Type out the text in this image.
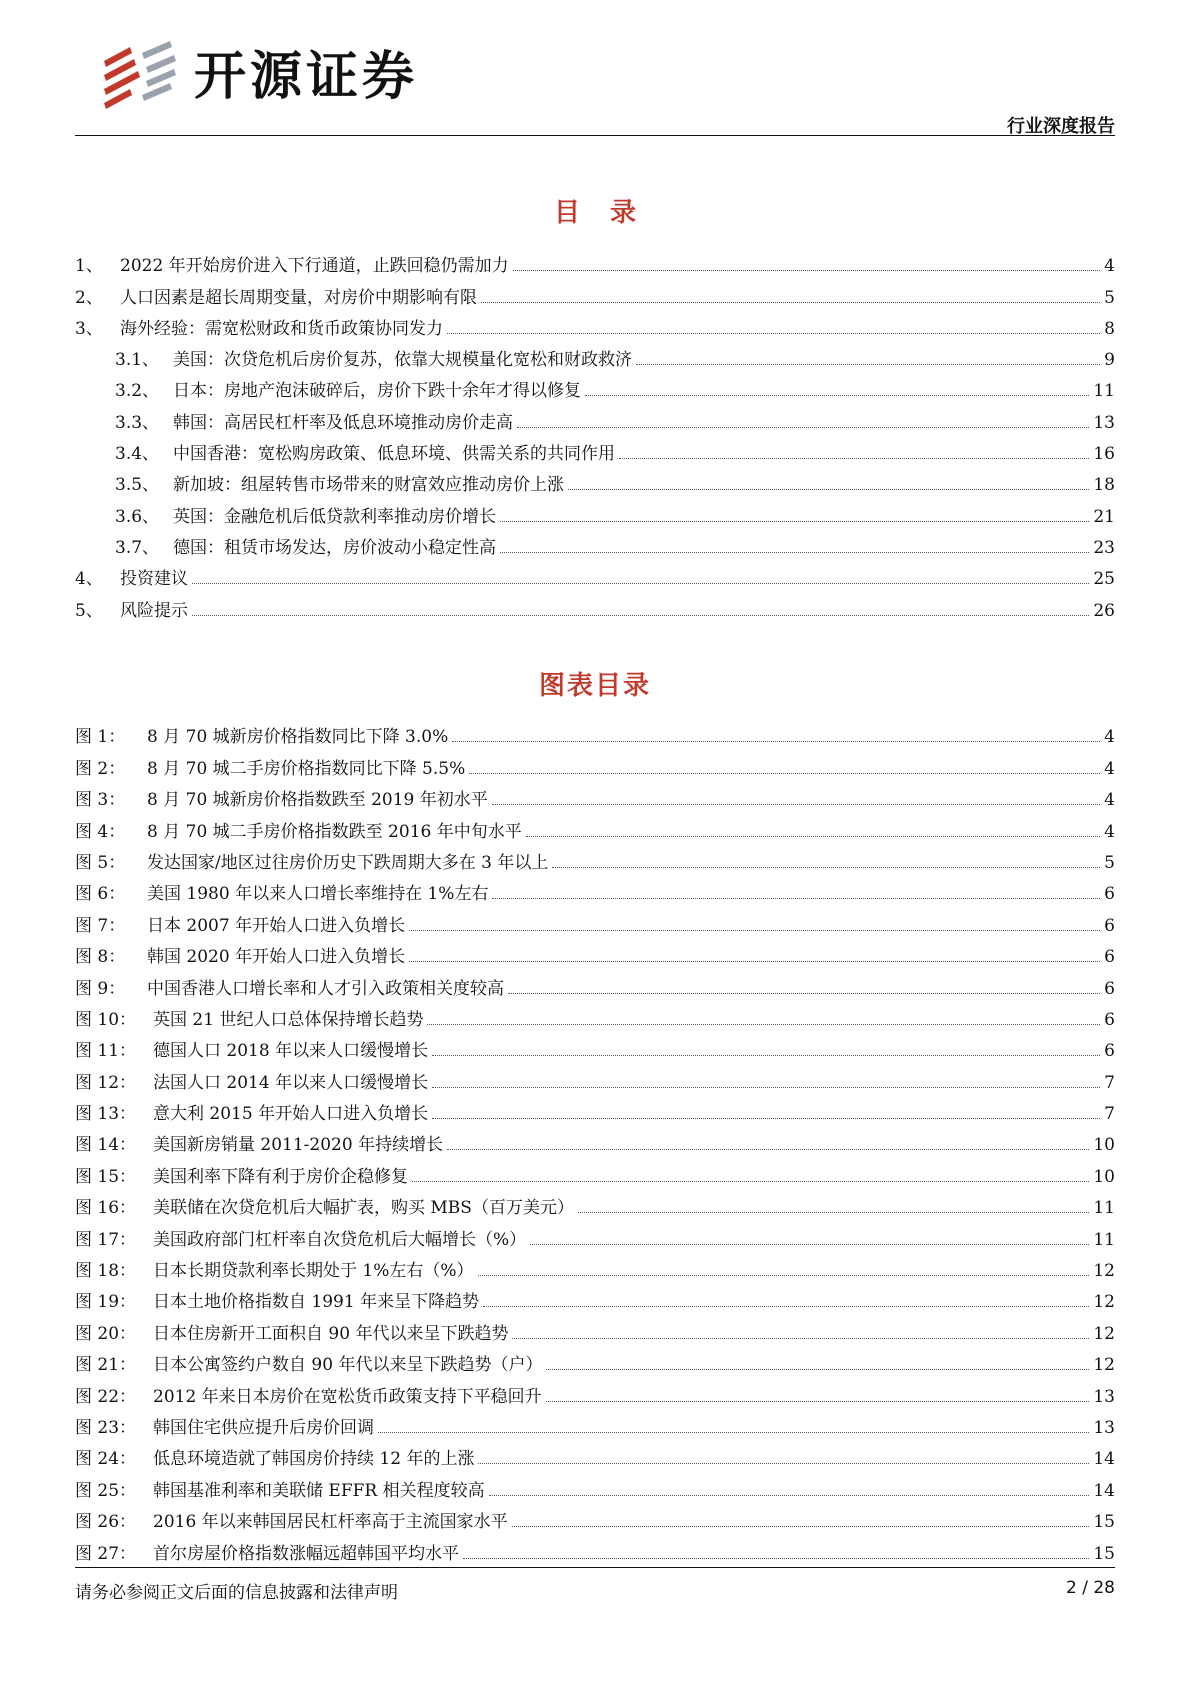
开源证券
行业深度报告
目录
1、	2022 年开始房价进入下行通道，止跌回稳仍需加力	4
2、	人口因素是超长周期变量，对房价中期影响有限	5
3、	海外经验：需宽松财政和货币政策协同发力	8
3.1、 美国：次贷危机后房价复苏，依靠大规模量化宽松和财政救济	9
3.2、 日本：房地产泡沫破碎后，房价下跌十余年才得以修复	11
3.3、 韩国：高居民杠杆率及低息环境推动房价走高	13
3.4、 中国香港：宽松购房政策、低息环境、供需关系的共同作用	16
3.5、 新加坡：组屋转售市场带来的财富效应推动房价上涨	18
3.6、 英国：金融危机后低贷款利率推动房价增长	21
3.7、 德国：租赁市场发达，房价波动小稳定性高	23
4、	投资建议	25
5、	风险提示	26
图表目录
图 1：	8 月 70 城新房价格指数同比下降 3.0%	4
图 2：	8 月 70 城二手房价格指数同比下降 5.5%	4
图 3：	8 月 70 城新房价格指数跌至 2019 年初水平	4
图 4：	8 月 70 城二手房价格指数跌至 2016 年中旬水平	4
图 5：	发达国家/地区过往房价历史下跌周期大多在 3 年以上	5
图 6：	美国 1980 年以来人口增长率维持在 1%左右	6
图 7：	日本 2007 年开始人口进入负增长	6
图 8：	韩国 2020 年开始人口进入负增长	6
图 9：	中国香港人口增长率和人才引入政策相关度较高	6
图 10： 英国 21 世纪人口总体保持增长趋势	6
图 11： 德国人口 2018 年以来人口缓慢增长	6
图 12： 法国人口 2014 年以来人口缓慢增长	7
图 13： 意大利 2015 年开始人口进入负增长	7
图 14： 美国新房销量 2011-2020 年持续增长	10
图 15： 美国利率下降有利于房价企稳修复	10
图 16： 美联储在次贷危机后大幅扩表，购买 MBS（百万美元）	11
图 17： 美国政府部门杠杆率自次贷危机后大幅增长（%）	11
图 18： 日本长期贷款利率长期处于 1%左右（%）	12
图 19： 日本土地价格指数自 1991 年来呈下降趋势	12
图 20： 日本住房新开工面积自 90 年代以来呈下跌趋势	12
图 21： 日本公寓签约户数自 90 年代以来呈下跌趋势（户）	12
图 22： 2012 年来日本房价在宽松货币政策支持下平稳回升	13
图 23： 韩国住宅供应提升后房价回调	13
图 24： 低息环境造就了韩国房价持续 12 年的上涨	14
图 25： 韩国基准利率和美联储 EFFR 相关程度较高	14
图 26： 2016 年以来韩国居民杠杆率高于主流国家水平	15
图 27： 首尔房屋价格指数涨幅远超韩国平均水平	15
请务必参阅正文后面的信息披露和法律声明	2 / 28
